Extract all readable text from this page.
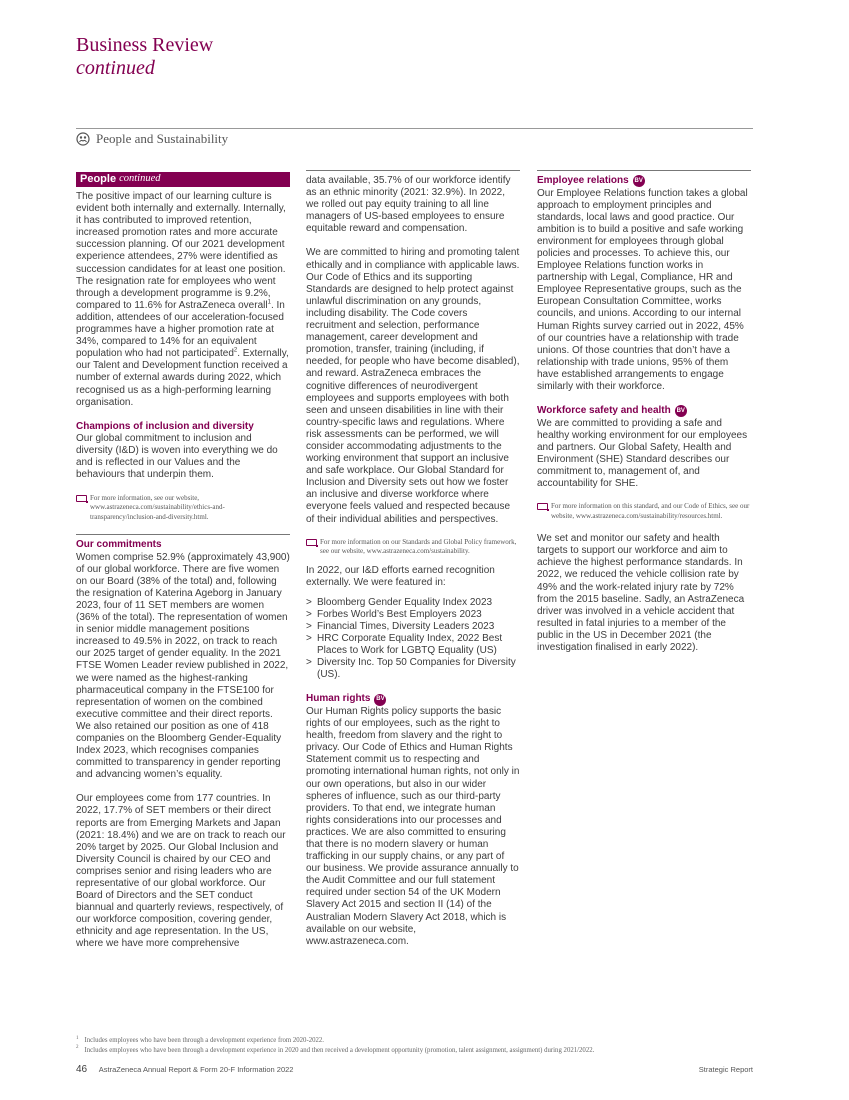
Business Review
continued
People and Sustainability
People continued

The positive impact of our learning culture is evident both internally and externally. Internally, it has contributed to improved retention, increased promotion rates and more accurate succession planning. Of our 2021 development experience attendees, 27% were identified as succession candidates for at least one position. The resignation rate for employees who went through a development programme is 9.2%, compared to 11.6% for AstraZeneca overall$^1$. In addition, attendees of our acceleration-focused programmes have a higher promotion rate at 34%, compared to 14% for an equivalent population who had not participated$^2$. Externally, our Talent and Development function received a number of external awards during 2022, which recognised us as a high-performing learning organisation.

Champions of inclusion and diversity

Our global commitment to inclusion and diversity (I&D) is woven into everything we do and is reflected in our Values and the behaviours that underpin them.

For more information, see our website, www.astrazeneca.com/sustainability/ethics-and-transparency/inclusion-and-diversity.html.
Our commitments

Women comprise 52.9% (approximately 43,900) of our global workforce. There are five women on our Board (38% of the total) and, following the resignation of Katerina Ageborg in January 2023, four of 11 SET members are women (36% of the total). The representation of women in senior middle management positions increased to 49.5% in 2022, on track to reach our 2025 target of gender equality. In the 2021 FTSE Women Leader review published in 2022, we were named as the highest-ranking pharmaceutical company in the FTSE100 for representation of women on the combined executive committee and their direct reports. We also retained our position as one of 418 companies on the Bloomberg Gender-Equality Index 2023, which recognises companies committed to transparency in gender reporting and advancing women’s equality.

Our employees come from 177 countries. In 2022, 17.7% of SET members or their direct reports are from Emerging Markets and Japan (2021: 18.4%) and we are on track to reach our 20% target by 2025. Our Global Inclusion and Diversity Council is chaired by our CEO and comprises senior and rising leaders who are representative of our global workforce. Our Board of Directors and the SET conduct biannual and quarterly reviews, respectively, of our workforce composition, covering gender, ethnicity and age representation. In the US, where we have more comprehensive

data available, 35.7% of our workforce identify as an ethnic minority (2021: 32.9%). In 2022, we rolled out pay equity training to all line managers of US-based employees to ensure equitable reward and compensation.

We are committed to hiring and promoting talent ethically and in compliance with applicable laws. Our Code of Ethics and its supporting Standards are designed to help protect against unlawful discrimination on any grounds, including disability. The Code covers recruitment and selection, performance management, career development and promotion, transfer, training (including, if needed, for people who have become disabled), and reward. AstraZeneca embraces the cognitive differences of neurodivergent employees and supports employees with both seen and unseen disabilities in line with their country-specific laws and regulations. Where risk assessments can be performed, we will consider accommodating adjustments to the working environment that support an inclusive and safe workplace. Our Global Standard for Inclusion and Diversity sets out how we foster an inclusive and diverse workforce where everyone feels valued and respected because of their individual abilities and perspectives.

For more information on our Standards and Global Policy framework, see our website, www.astrazeneca.com/sustainability.

In 2022, our I&D efforts earned recognition externally. We were featured in:

> Bloomberg Gender Equality Index 2023
> Forbes World’s Best Employers 2023
> Financial Times, Diversity Leaders 2023
> HRC Corporate Equality Index, 2022 Best Places to Work for LGBTQ Equality (US)
> Diversity Inc. Top 50 Companies for Diversity (US).
Human rights BV

Our Human Rights policy supports the basic rights of our employees, such as the right to health, freedom from slavery and the right to privacy. Our Code of Ethics and Human Rights Statement commit us to respecting and promoting international human rights, not only in our own operations, but also in our wider spheres of influence, such as our third-party providers. To that end, we integrate human rights considerations into our processes and practices. We are also committed to ensuring that there is no modern slavery or human trafficking in our supply chains, or any part of our business. We provide assurance annually to the Audit Committee and our full statement required under section 54 of the UK Modern Slavery Act 2015 and section II (14) of the Australian Modern Slavery Act 2018, which is available on our website, www.astrazeneca.com.

Employee relations BV

Our Employee Relations function takes a global approach to employment principles and standards, local laws and good practice. Our ambition is to build a positive and safe working environment for employees through global policies and processes. To achieve this, our Employee Relations function works in partnership with Legal, Compliance, HR and Employee Representative groups, such as the European Consultation Committee, works councils, and unions. According to our internal Human Rights survey carried out in 2022, 45% of our countries have a relationship with trade unions. Of those countries that don’t have a relationship with trade unions, 95% of them have established arrangements to engage similarly with their workforce.

Workforce safety and health BV

We are committed to providing a safe and healthy working environment for our employees and partners. Our Global Safety, Health and Environment (SHE) Standard describes our commitment to, management of, and accountability for SHE.

For more information on this standard, and our Code of Ethics, see our website, www.astrazeneca.com/sustainability/resources.html.

We set and monitor our safety and health targets to support our workforce and aim to achieve the highest performance standards. In 2022, we reduced the vehicle collision rate by 49% and the work-related injury rate by 72% from the 2015 baseline. Sadly, an AstraZeneca driver was involved in a vehicle accident that resulted in fatal injuries to a member of the public in the US in December 2021 (the investigation finalised in early 2022).

$^1$ Includes employees who have been through a development experience from 2020-2022.
$^2$ Includes employees who have been through a development experience in 2020 and then received a development opportunity (promotion, talent assignment, assignment) during 2021/2022.
46 AstraZeneca Annual Report & Form 20-F Information 2022	Strategic Report
